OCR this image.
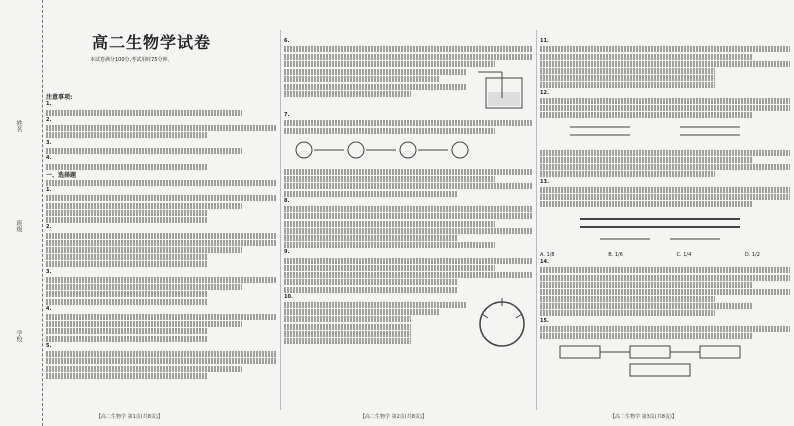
姓名
班级
学校
高二生物学试卷
本试卷满分100分,考试用时75分钟。
注意事项:
1.
2.
3.
4.
一、选择题
1.
2.
3.
4.
5.
6.
7.
8.
9.
10.
11.
12.
13.
A. 1/8	B. 1/6	C. 1/4	D. 1/2
14.
15.
【高二生物学 第1页(共8页)】	【高二生物学 第2页(共8页)】	【高二生物学 第3页(共8页)】
